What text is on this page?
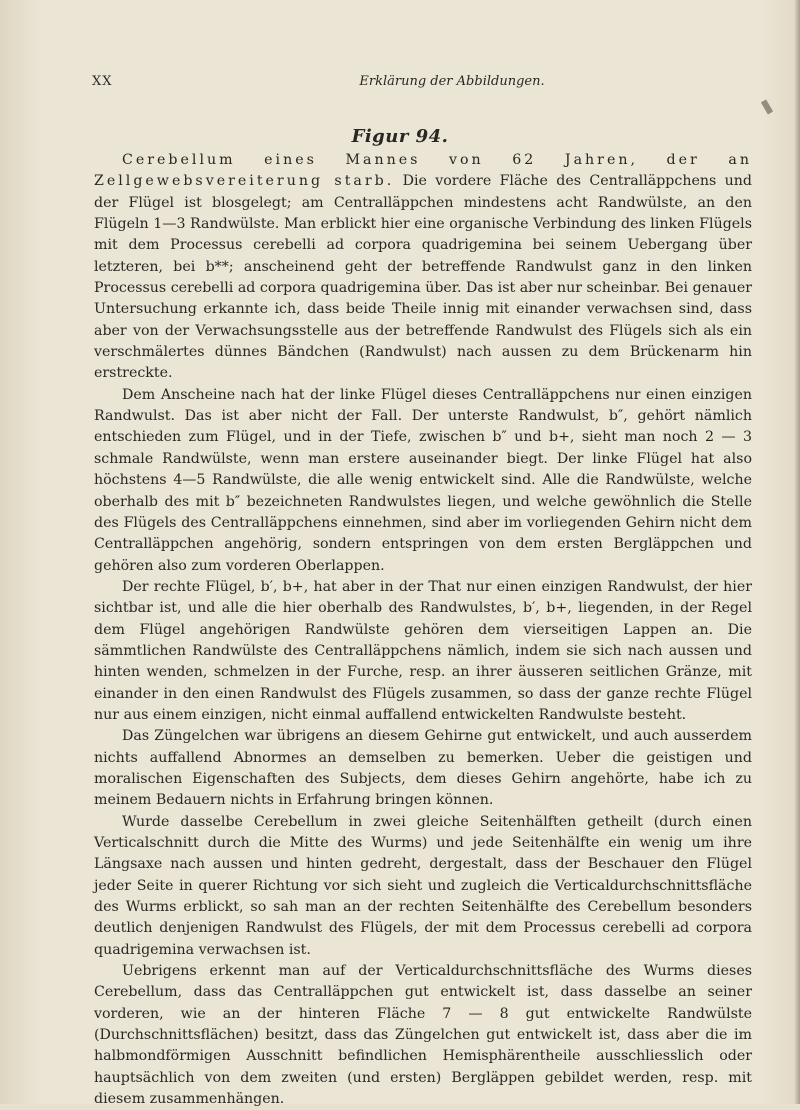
XX	Erklärung der Abbildungen.
Figur 94.

Cerebellum eines Mannes von 62 Jahren, der an Zellgewebsvereiterung starb. Die vordere Fläche des Centralläppchens und der Flügel ist blosgelegt; am Centralläppchen mindestens acht Randwülste, an den Flügeln 1—3 Randwülste. Man erblickt hier eine organische Verbindung des linken Flügels mit dem Processus cerebelli ad corpora quadrigemina bei seinem Uebergang über letzteren, bei b**; anscheinend geht der betreffende Randwulst ganz in den linken Processus cerebelli ad corpora quadrigemina über. Das ist aber nur scheinbar. Bei genauer Untersuchung erkannte ich, dass beide Theile innig mit einander verwachsen sind, dass aber von der Verwachsungsstelle aus der betreffende Randwulst des Flügels sich als ein verschmälertes dünnes Bändchen (Randwulst) nach aussen zu dem Brückenarm hin erstreckte.

Dem Anscheine nach hat der linke Flügel dieses Centralläppchens nur einen einzigen Randwulst. Das ist aber nicht der Fall. Der unterste Randwulst, b″, gehört nämlich entschieden zum Flügel, und in der Tiefe, zwischen b″ und b+, sieht man noch 2 — 3 schmale Randwülste, wenn man erstere auseinander biegt. Der linke Flügel hat also höchstens 4—5 Randwülste, die alle wenig entwickelt sind. Alle die Randwülste, welche oberhalb des mit b″ bezeichneten Randwulstes liegen, und welche gewöhnlich die Stelle des Flügels des Centralläppchens einnehmen, sind aber im vorliegenden Gehirn nicht dem Centralläppchen angehörig, sondern entspringen von dem ersten Bergläppchen und gehören also zum vorderen Oberlappen.

Der rechte Flügel, b′, b+, hat aber in der That nur einen einzigen Randwulst, der hier sichtbar ist, und alle die hier oberhalb des Randwulstes, b′, b+, liegenden, in der Regel dem Flügel angehörigen Randwülste gehören dem vierseitigen Lappen an. Die sämmtlichen Randwülste des Centralläppchens nämlich, indem sie sich nach aussen und hinten wenden, schmelzen in der Furche, resp. an ihrer äusseren seitlichen Gränze, mit einander in den einen Randwulst des Flügels zusammen, so dass der ganze rechte Flügel nur aus einem einzigen, nicht einmal auffallend entwickelten Randwulste besteht.

Das Züngelchen war übrigens an diesem Gehirne gut entwickelt, und auch ausserdem nichts auffallend Abnormes an demselben zu bemerken. Ueber die geistigen und moralischen Eigenschaften des Subjects, dem dieses Gehirn angehörte, habe ich zu meinem Bedauern nichts in Erfahrung bringen können.

Wurde dasselbe Cerebellum in zwei gleiche Seitenhälften getheilt (durch einen Verticalschnitt durch die Mitte des Wurms) und jede Seitenhälfte ein wenig um ihre Längsaxe nach aussen und hinten gedreht, dergestalt, dass der Beschauer den Flügel jeder Seite in querer Richtung vor sich sieht und zugleich die Verticaldurchschnittsfläche des Wurms erblickt, so sah man an der rechten Seitenhälfte des Cerebellum besonders deutlich denjenigen Randwulst des Flügels, der mit dem Processus cerebelli ad corpora quadrigemina verwachsen ist.

Uebrigens erkennt man auf der Verticaldurchschnittsfläche des Wurms dieses Cerebellum, dass das Centralläppchen gut entwickelt ist, dass dasselbe an seiner vorderen, wie an der hinteren Fläche 7 — 8 gut entwickelte Randwülste (Durchschnittsflächen) besitzt, dass das Züngelchen gut entwickelt ist, dass aber die im halbmondförmigen Ausschnitt befindlichen Hemisphärentheile ausschliesslich oder hauptsächlich von dem zweiten (und ersten) Bergläppen gebildet werden, resp. mit diesem zusammenhängen.
